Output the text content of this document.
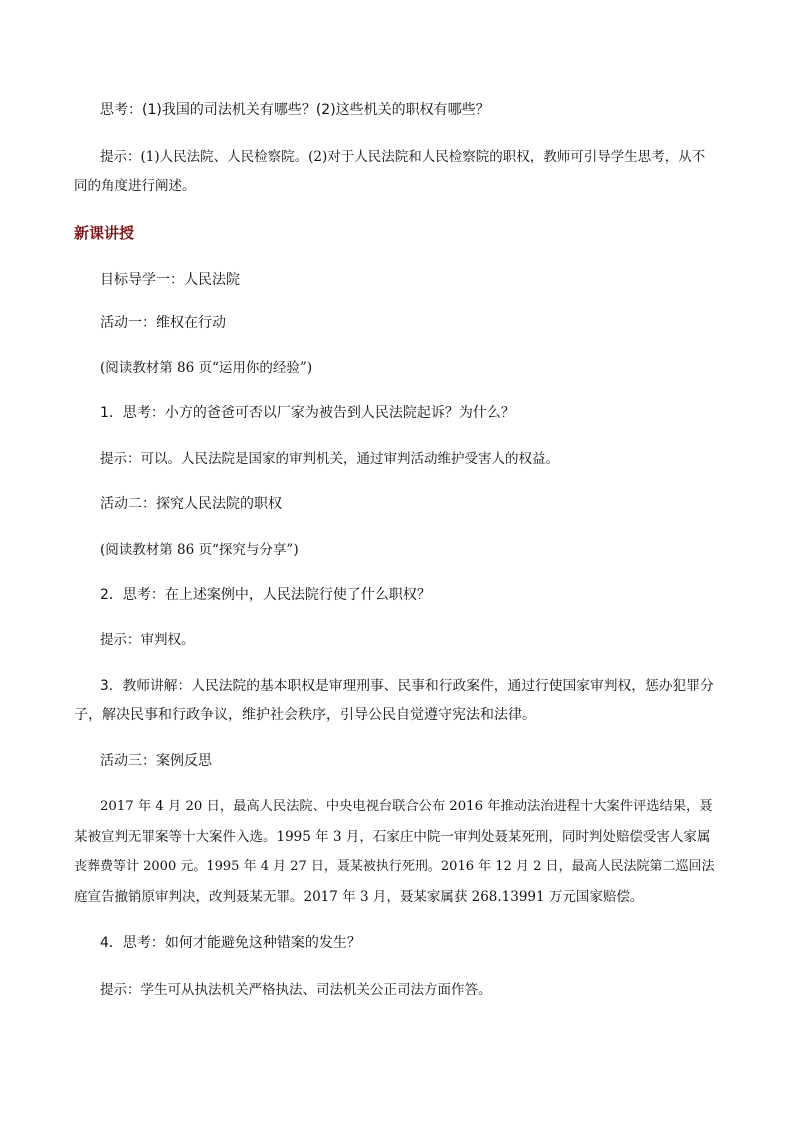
思考：(1)我国的司法机关有哪些？(2)这些机关的职权有哪些？
提示：(1)人民法院、人民检察院。(2)对于人民法院和人民检察院的职权，教师可引导学生思考，从不
同的角度进行阐述。
新课讲授
目标导学一：人民法院
活动一：维权在行动
(阅读教材第 86 页“运用你的经验”)
1．思考：小方的爸爸可否以厂家为被告到人民法院起诉？为什么？
提示：可以。人民法院是国家的审判机关，通过审判活动维护受害人的权益。
活动二：探究人民法院的职权
(阅读教材第 86 页“探究与分享”)
2．思考：在上述案例中，人民法院行使了什么职权？
提示：审判权。
3．教师讲解：人民法院的基本职权是审理刑事、民事和行政案件，通过行使国家审判权，惩办犯罪分
子，解决民事和行政争议，维护社会秩序，引导公民自觉遵守宪法和法律。
活动三：案例反思
2017 年 4 月 20 日，最高人民法院、中央电视台联合公布 2016 年推动法治进程十大案件评选结果，聂
某被宣判无罪案等十大案件入选。1995 年 3 月，石家庄中院一审判处聂某死刑，同时判处赔偿受害人家属
丧葬费等计 2000 元。1995 年 4 月 27 日，聂某被执行死刑。2016 年 12 月 2 日，最高人民法院第二巡回法
庭宣告撤销原审判决，改判聂某无罪。2017 年 3 月，聂某家属获 268.13991 万元国家赔偿。
4．思考：如何才能避免这种错案的发生？
提示：学生可从执法机关严格执法、司法机关公正司法方面作答。
